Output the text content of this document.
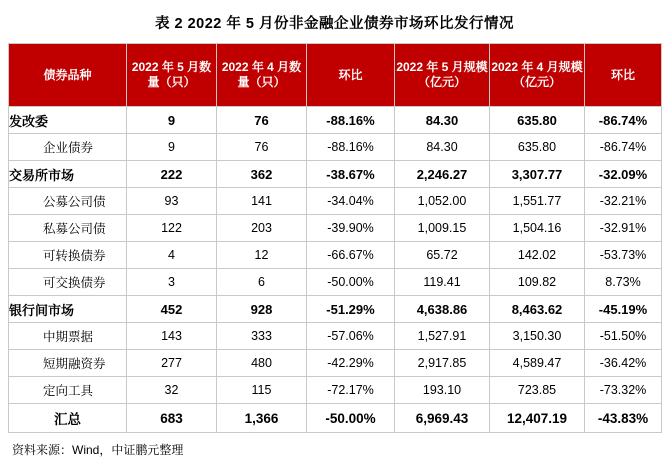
表 2 2022 年 5 月份非金融企业债券市场环比发行情况
债券品种	2022 年 5 月数量（只）	2022 年 4 月数量（只）	环比	2022 年 5 月规模（亿元）	2022 年 4 月规模（亿元）	环比
发改委	9	76	-88.16%	84.30	635.80	-86.74%
企业债券	9	76	-88.16%	84.30	635.80	-86.74%
交易所市场	222	362	-38.67%	2,246.27	3,307.77	-32.09%
公募公司债	93	141	-34.04%	1,052.00	1,551.77	-32.21%
私募公司债	122	203	-39.90%	1,009.15	1,504.16	-32.91%
可转换债券	4	12	-66.67%	65.72	142.02	-53.73%
可交换债券	3	6	-50.00%	119.41	109.82	8.73%
银行间市场	452	928	-51.29%	4,638.86	8,463.62	-45.19%
中期票据	143	333	-57.06%	1,527.91	3,150.30	-51.50%
短期融资券	277	480	-42.29%	2,917.85	4,589.47	-36.42%
定向工具	32	115	-72.17%	193.10	723.85	-73.32%
汇总	683	1,366	-50.00%	6,969.43	12,407.19	-43.83%
资料来源：Wind，中证鹏元整理
